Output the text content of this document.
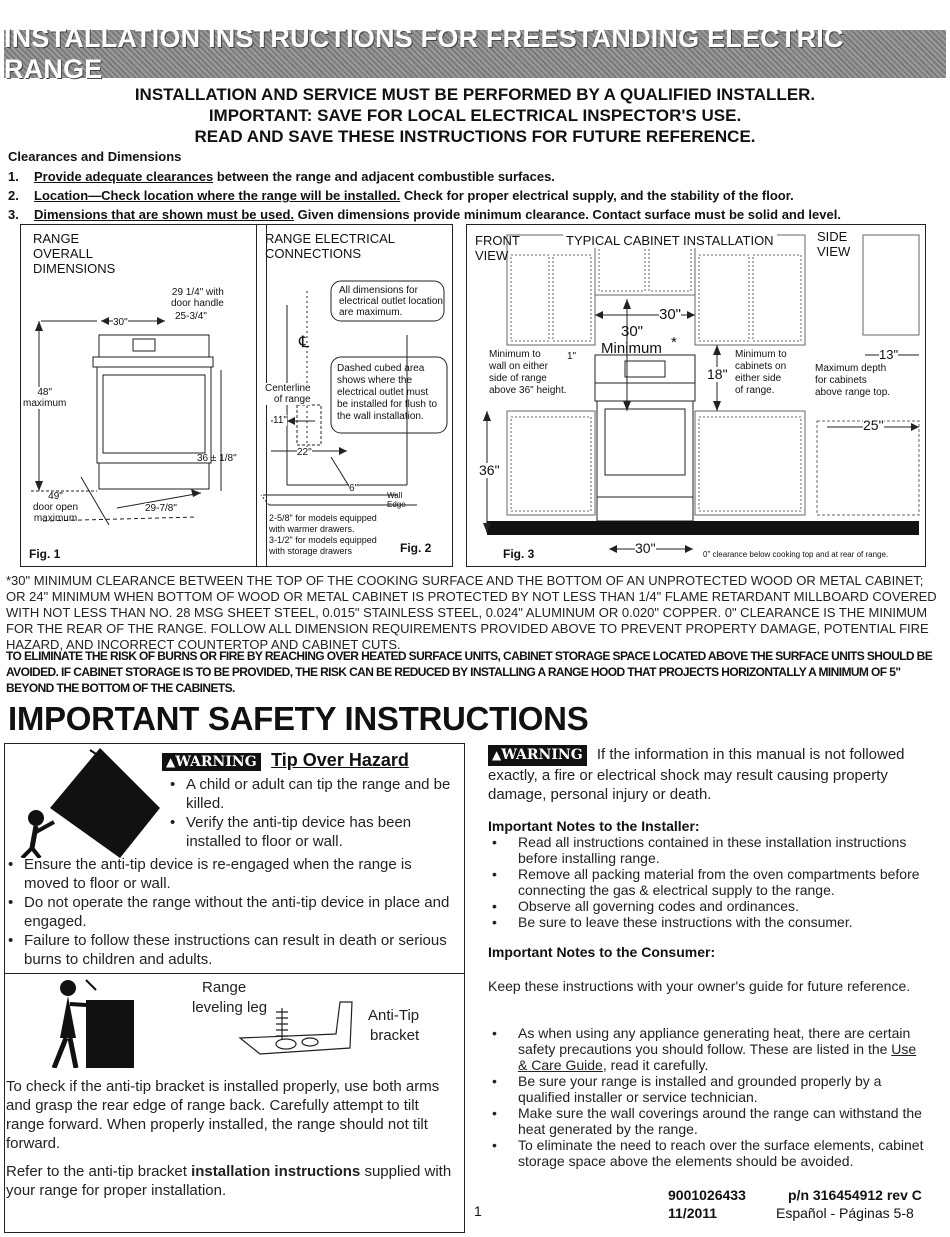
INSTALLATION INSTRUCTIONS FOR FREESTANDING ELECTRIC RANGE
INSTALLATION AND SERVICE MUST BE PERFORMED BY A QUALIFIED INSTALLER.
IMPORTANT: SAVE FOR LOCAL ELECTRICAL INSPECTOR'S USE.
READ AND SAVE THESE INSTRUCTIONS FOR FUTURE REFERENCE.
Clearances and Dimensions
1. Provide adequate clearances between the range and adjacent combustible surfaces.
2. Location—Check location where the range will be installed. Check for proper electrical supply, and the stability of the floor.
3. Dimensions that are shown must be used. Given dimensions provide minimum clearance. Contact surface must be solid and level.
RANGE
OVERALL
DIMENSIONS
29 1/4" with
door handle
25-3/4"
30"
48"
maximum
36 ± 1/8"
49"
door open
maximum
29-7/8"
Fig. 1
RANGE ELECTRICAL
CONNECTIONS
All dimensions for
electrical outlet location
are maximum.
℄
Centerline
of range
Dashed cubed area
shows where the
electrical outlet must
be installed for flush to
the wall installation.
11"
22"
6"
Wall
Edge
2-5/8" for models equipped
with warmer drawers.
3-1/2" for models equipped
with storage drawers	Fig. 2
FRONT
VIEW
TYPICAL CABINET INSTALLATION	SIDE
VIEW
30"
30"
Minimum *
Minimum to
wall on either
side of range
above 36" height.
1"
18"
Minimum to
cabinets on
either side
of range.
13"
Maximum depth
for cabinets
above range top.
25"
36"
30"	0" clearance below cooking top and at rear of range.
Fig. 3
*30" MINIMUM CLEARANCE BETWEEN THE TOP OF THE COOKING SURFACE AND THE BOTTOM OF AN UNPROTECTED WOOD OR METAL CABINET; OR 24" MINIMUM WHEN BOTTOM OF WOOD OR METAL CABINET IS PROTECTED BY NOT LESS THAN 1/4" FLAME RETARDANT MILLBOARD COVERED WITH NOT LESS THAN NO. 28 MSG SHEET STEEL, 0.015" STAINLESS STEEL, 0.024" ALUMINUM OR 0.020" COPPER. 0" CLEARANCE IS THE MINIMUM FOR THE REAR OF THE RANGE. FOLLOW ALL DIMENSION REQUIREMENTS PROVIDED ABOVE TO PREVENT PROPERTY DAMAGE, POTENTIAL FIRE HAZARD, AND INCORRECT COUNTERTOP AND CABINET CUTS.
TO ELIMINATE THE RISK OF BURNS OR FIRE BY REACHING OVER HEATED SURFACE UNITS, CABINET STORAGE SPACE LOCATED ABOVE THE SURFACE UNITS SHOULD BE AVOIDED. IF CABINET STORAGE IS TO BE PROVIDED, THE RISK CAN BE REDUCED BY INSTALLING A RANGE HOOD THAT PROJECTS HORIZONTALLY A MINIMUM OF 5" BEYOND THE BOTTOM OF THE CABINETS.
IMPORTANT SAFETY INSTRUCTIONS
▲WARNING Tip Over Hazard
• A child or adult can tip the range and be killed.
• Verify the anti-tip device has been installed to floor or wall.
• Ensure the anti-tip device is re-engaged when the range is moved to floor or wall.
• Do not operate the range without the anti-tip device in place and engaged.
• Failure to follow these instructions can result in death or serious burns to children and adults.
Range
leveling leg	Anti-Tip
bracket
To check if the anti-tip bracket is installed properly, use both arms and grasp the rear edge of range back. Carefully attempt to tilt range forward. When properly installed, the range should not tilt forward.
Refer to the anti-tip bracket installation instructions supplied with your range for proper installation.
▲WARNING If the information in this manual is not followed
exactly, a fire or electrical shock may result causing property damage, personal injury or death.
Important Notes to the Installer:
• Read all instructions contained in these installation instructions before installing range.
• Remove all packing material from the oven compartments before connecting the gas & electrical supply to the range.
• Observe all governing codes and ordinances.
• Be sure to leave these instructions with the consumer.
Important Notes to the Consumer:
Keep these instructions with your owner's guide for future reference.
• As when using any appliance generating heat, there are certain safety precautions you should follow. These are listed in the Use & Care Guide, read it carefully.
• Be sure your range is installed and grounded properly by a qualified installer or service technician.
• Make sure the wall coverings around the range can withstand the heat generated by the range.
• To eliminate the need to reach over the surface elements, cabinet storage space above the elements should be avoided.
1
9001026433
11/2011
p/n 316454912 rev C
Español - Páginas 5-8
